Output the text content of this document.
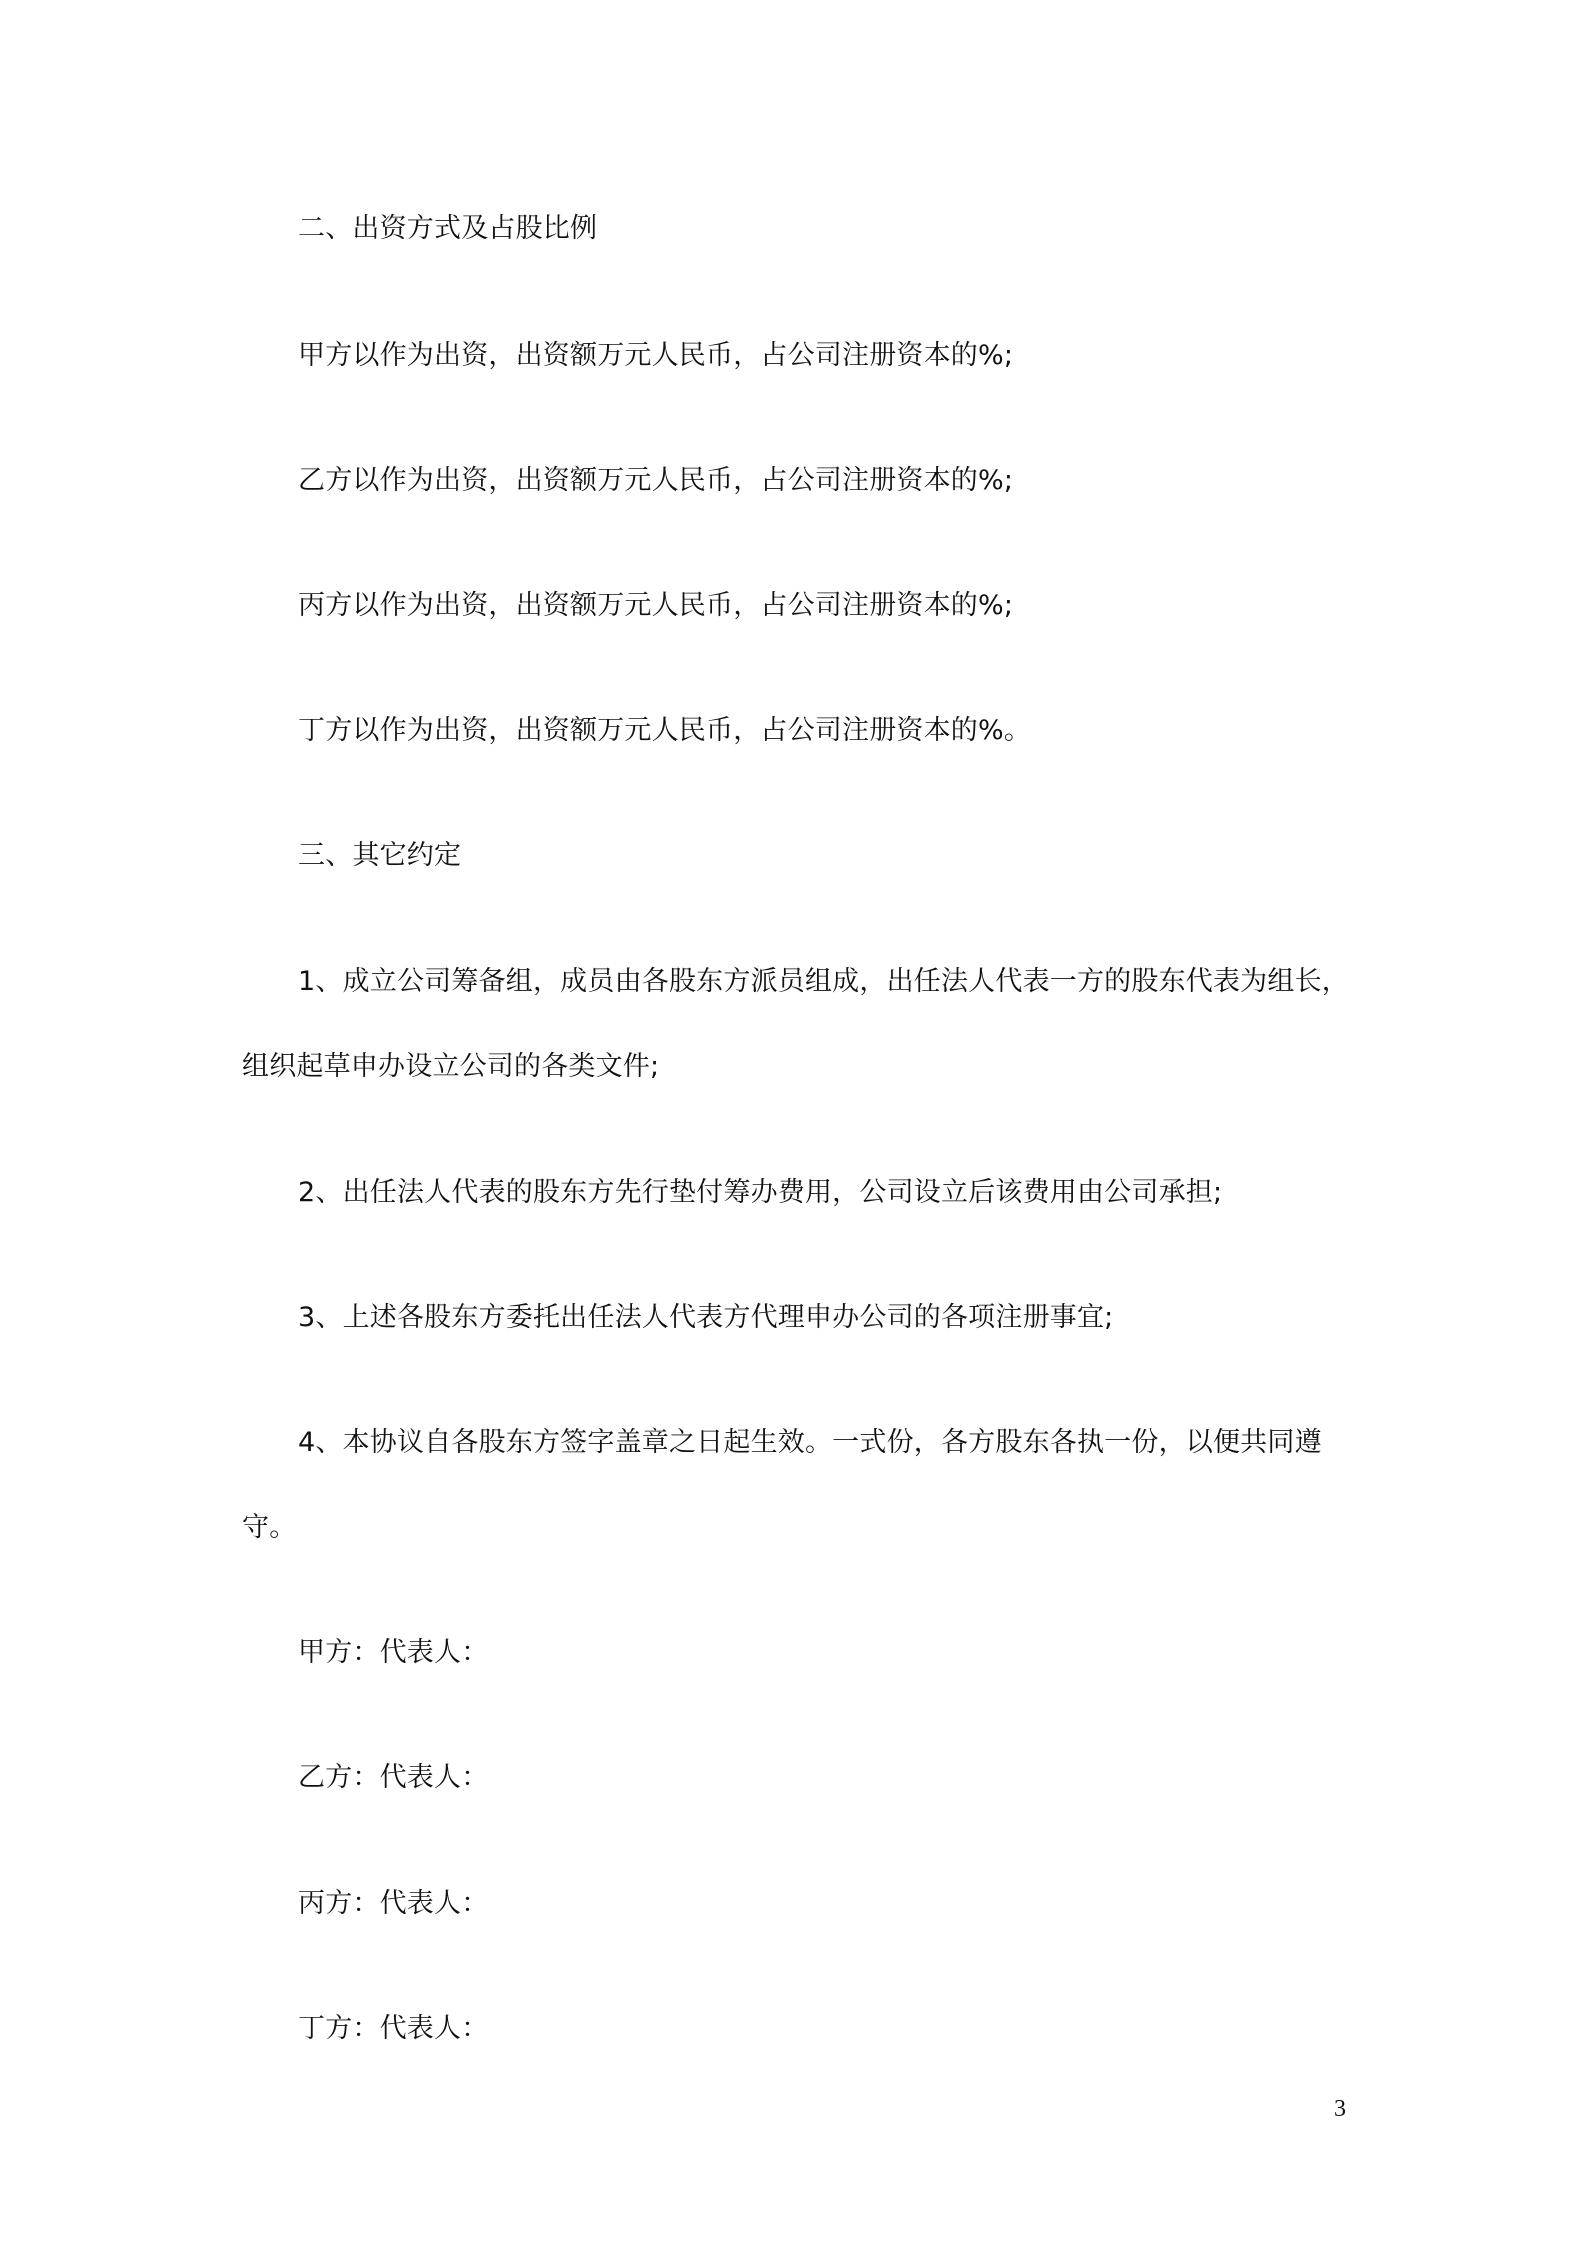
二、出资方式及占股比例
甲方以作为出资，出资额万元人民币，占公司注册资本的%;
乙方以作为出资，出资额万元人民币，占公司注册资本的%;
丙方以作为出资，出资额万元人民币，占公司注册资本的%;
丁方以作为出资，出资额万元人民币，占公司注册资本的%。
三、其它约定
1、成立公司筹备组，成员由各股东方派员组成，出任法人代表一方的股东代表为组长，
组织起草申办设立公司的各类文件;
2、出任法人代表的股东方先行垫付筹办费用，公司设立后该费用由公司承担;
3、上述各股东方委托出任法人代表方代理申办公司的各项注册事宜;
4、本协议自各股东方签字盖章之日起生效。一式份，各方股东各执一份，以便共同遵
守。
甲方：代表人：
乙方：代表人：
丙方：代表人：
丁方：代表人：
3
